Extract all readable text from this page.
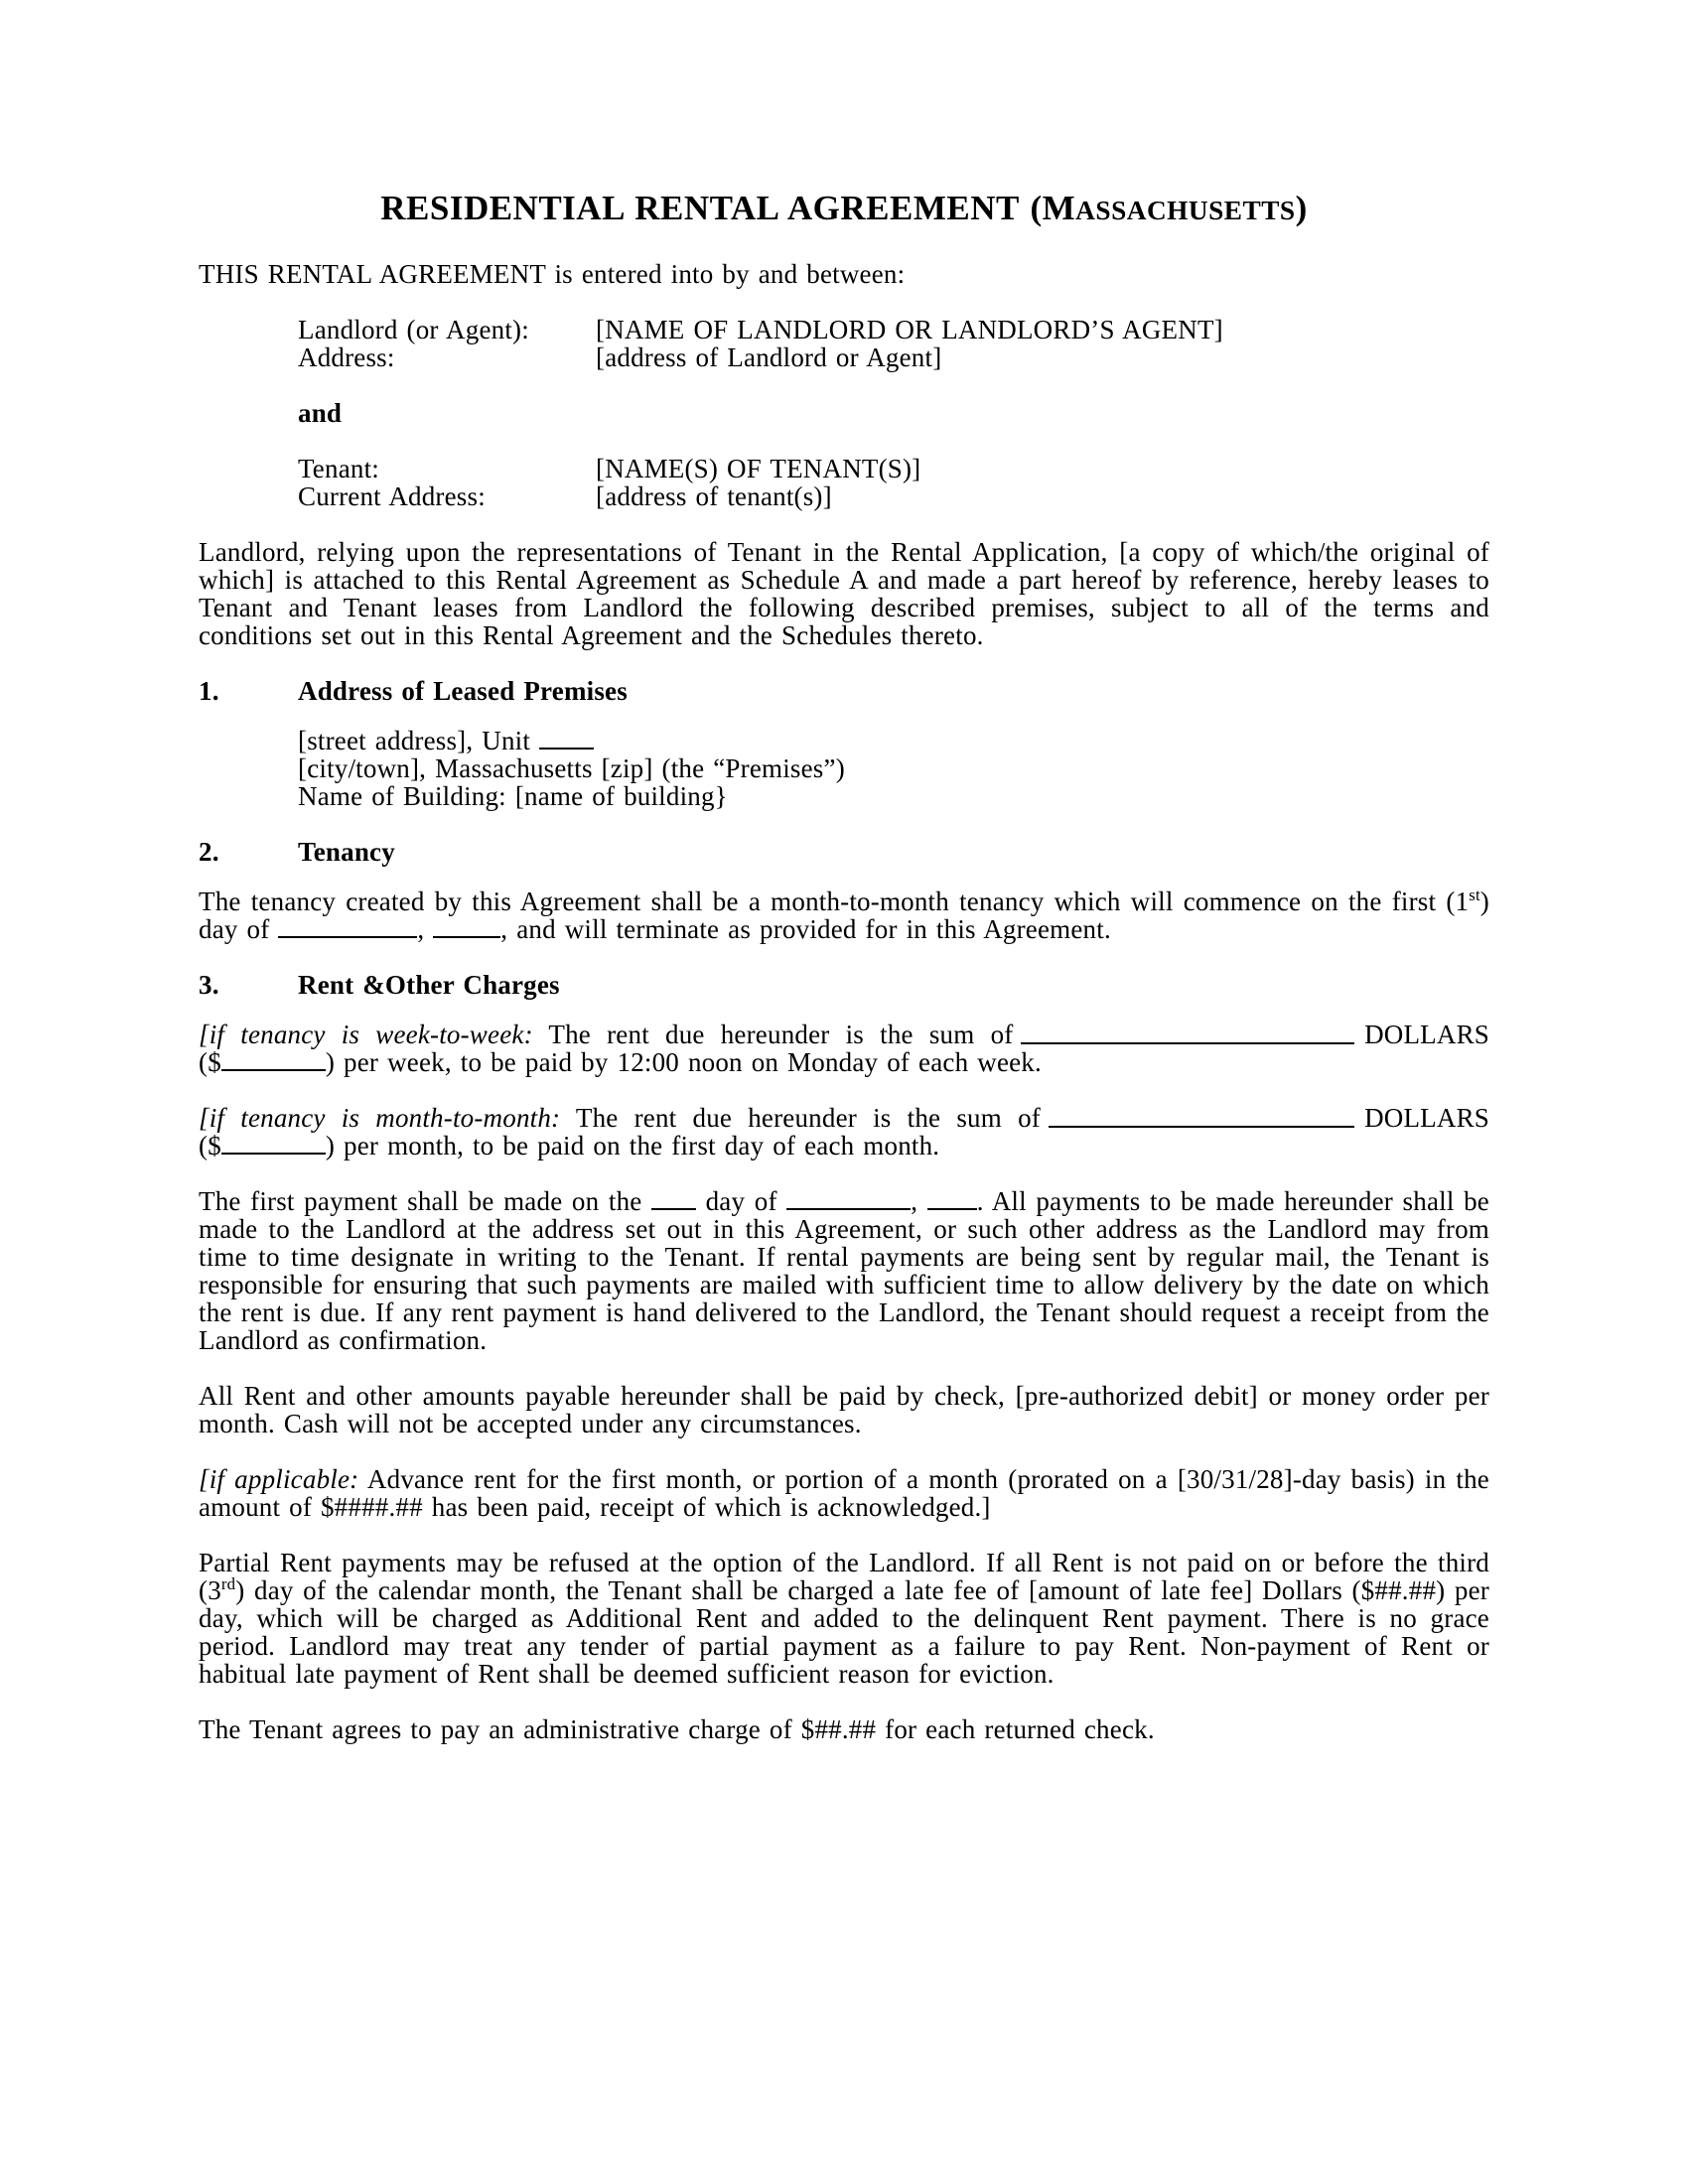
RESIDENTIAL RENTAL AGREEMENT (MASSACHUSETTS)
THIS RENTAL AGREEMENT is entered into by and between:
Landlord (or Agent): [NAME OF LANDLORD OR LANDLORD’S AGENT]
Address:	[address of Landlord or Agent]
and
Tenant:	[NAME(S) OF TENANT(S)]
Current Address:	[address of tenant(s)]
Landlord, relying upon the representations of Tenant in the Rental Application, [a copy of which/the original of which] is attached to this Rental Agreement as Schedule A and made a part hereof by reference, hereby leases to Tenant and Tenant leases from Landlord the following described premises, subject to all of the terms and conditions set out in this Rental Agreement and the Schedules thereto.
1.	Address of Leased Premises
[street address], Unit
[city/town], Massachusetts [zip] (the “Premises”)
Name of Building: [name of building}
2.	Tenancy
The tenancy created by this Agreement shall be a month-to-month tenancy which will commence on the first (1st) day of	,	, and will terminate as provided for in this Agreement.
3.	Rent &Other Charges
[if tenancy is week-to-week: The rent due hereunder is the sum of	DOLLARS
($	) per week, to be paid by 12:00 noon on Monday of each week.
[if tenancy is month-to-month: The rent due hereunder is the sum of	DOLLARS
($	) per month, to be paid on the first day of each month.
The first payment shall be made on the  day of	, . All payments to be made hereunder shall be made to the Landlord at the address set out in this Agreement, or such other address as the Landlord may from time to time designate in writing to the Tenant. If rental payments are being sent by regular mail, the Tenant is responsible for ensuring that such payments are mailed with sufficient time to allow delivery by the date on which the rent is due. If any rent payment is hand delivered to the Landlord, the Tenant should request a receipt from the Landlord as confirmation.
All Rent and other amounts payable hereunder shall be paid by check, [pre-authorized debit] or money order per month. Cash will not be accepted under any circumstances.
[if applicable: Advance rent for the first month, or portion of a month (prorated on a [30/31/28]-day basis) in the amount of $####.## has been paid, receipt of which is acknowledged.]
Partial Rent payments may be refused at the option of the Landlord. If all Rent is not paid on or before the third (3rd) day of the calendar month, the Tenant shall be charged a late fee of [amount of late fee] Dollars ($##.##) per day, which will be charged as Additional Rent and added to the delinquent Rent payment. There is no grace period. Landlord may treat any tender of partial payment as a failure to pay Rent. Non-payment of Rent or habitual late payment of Rent shall be deemed sufficient reason for eviction.
The Tenant agrees to pay an administrative charge of $##.## for each returned check.
